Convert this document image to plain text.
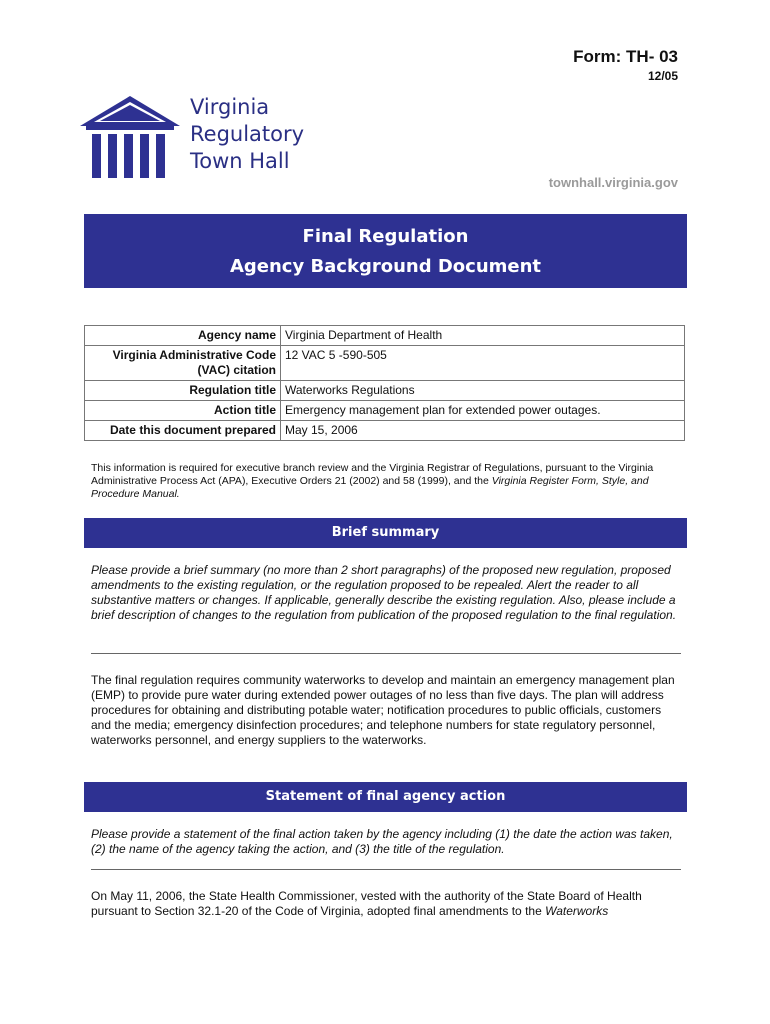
Form: TH- 03
12/05
Virginia
Regulatory
Town Hall
townhall.virginia.gov
Final Regulation
Agency Background Document
Agency name	Virginia Department of Health
Virginia Administrative Code (VAC) citation	12 VAC 5 -590-505
Regulation title	Waterworks Regulations
Action title	Emergency management plan for extended power outages.
Date this document prepared	May 15, 2006
This information is required for executive branch review and the Virginia Registrar of Regulations, pursuant to the Virginia Administrative Process Act (APA), Executive Orders 21 (2002) and 58 (1999), and the Virginia Register Form, Style, and Procedure Manual.
Brief summary
Please provide a brief summary (no more than 2 short paragraphs) of the proposed new regulation, proposed amendments to the existing regulation, or the regulation proposed to be repealed. Alert the reader to all substantive matters or changes. If applicable, generally describe the existing regulation. Also, please include a brief description of changes to the regulation from publication of the proposed regulation to the final regulation.
The final regulation requires community waterworks to develop and maintain an emergency management plan (EMP) to provide pure water during extended power outages of no less than five days. The plan will address procedures for obtaining and distributing potable water; notification procedures to public officials, customers and the media; emergency disinfection procedures; and telephone numbers for state regulatory personnel, waterworks personnel, and energy suppliers to the waterworks.
Statement of final agency action
Please provide a statement of the final action taken by the agency including (1) the date the action was taken, (2) the name of the agency taking the action, and (3) the title of the regulation.
On May 11, 2006, the State Health Commissioner, vested with the authority of the State Board of Health pursuant to Section 32.1-20 of the Code of Virginia, adopted final amendments to the Waterworks
